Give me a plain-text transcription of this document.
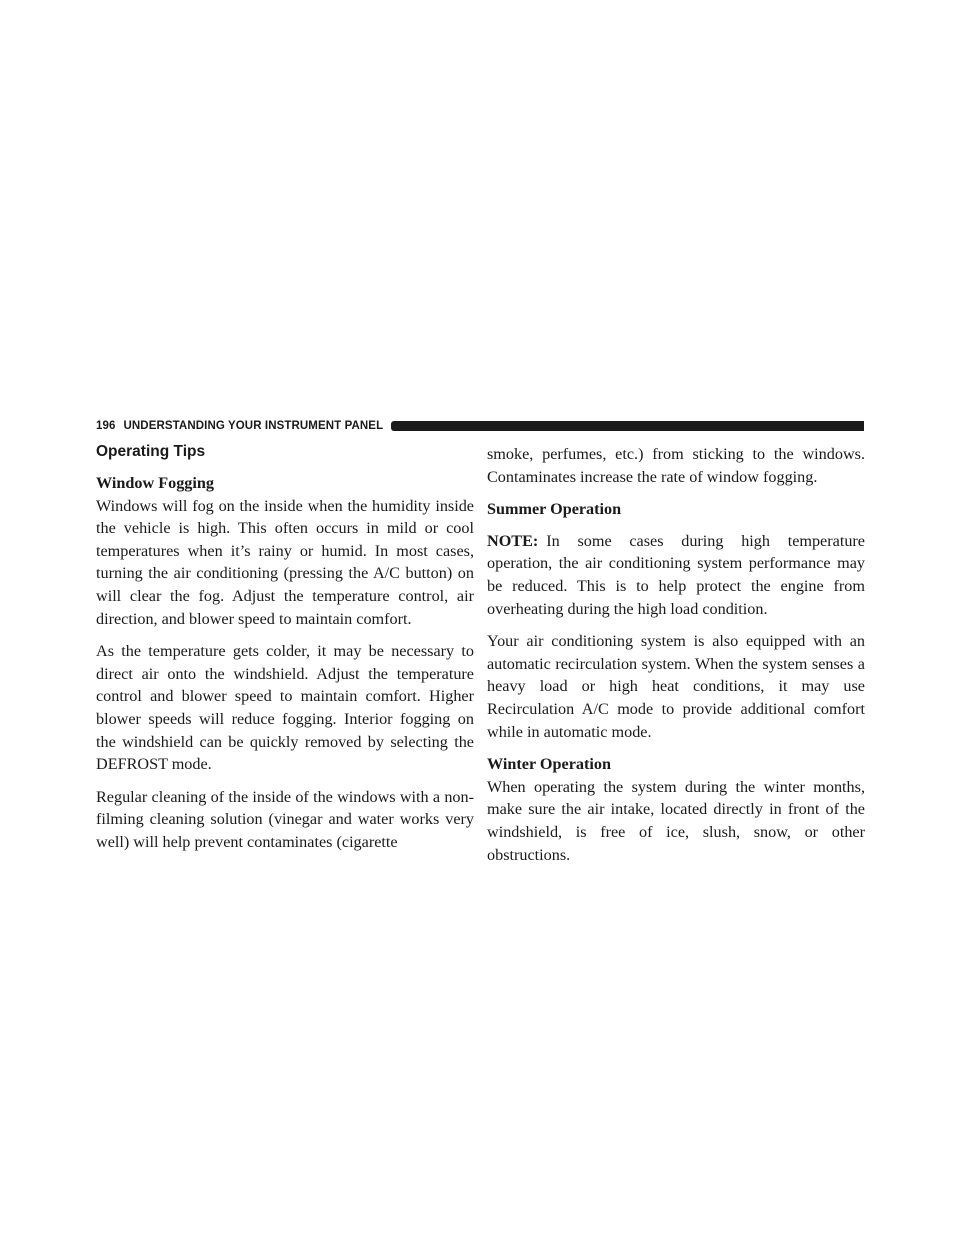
196 UNDERSTANDING YOUR INSTRUMENT PANEL
Operating Tips
Window Fogging

Windows will fog on the inside when the humidity inside the vehicle is high. This often occurs in mild or cool temperatures when it’s rainy or humid. In most cases, turning the air conditioning (pressing the A/C button) on will clear the fog. Adjust the temperature control, air direction, and blower speed to maintain comfort.

As the temperature gets colder, it may be necessary to direct air onto the windshield. Adjust the temperature control and blower speed to maintain comfort. Higher blower speeds will reduce fogging. Interior fogging on the windshield can be quickly removed by selecting the DEFROST mode.

Regular cleaning of the inside of the windows with a non-filming cleaning solution (vinegar and water works very well) will help prevent contaminates (cigarette

smoke, perfumes, etc.) from sticking to the windows. Contaminates increase the rate of window fogging.

Summer Operation

NOTE: In some cases during high temperature operation, the air conditioning system performance may be reduced. This is to help protect the engine from overheating during the high load condition.

Your air conditioning system is also equipped with an automatic recirculation system. When the system senses a heavy load or high heat conditions, it may use Recirculation A/C mode to provide additional comfort while in automatic mode.

Winter Operation

When operating the system during the winter months, make sure the air intake, located directly in front of the windshield, is free of ice, slush, snow, or other obstructions.
